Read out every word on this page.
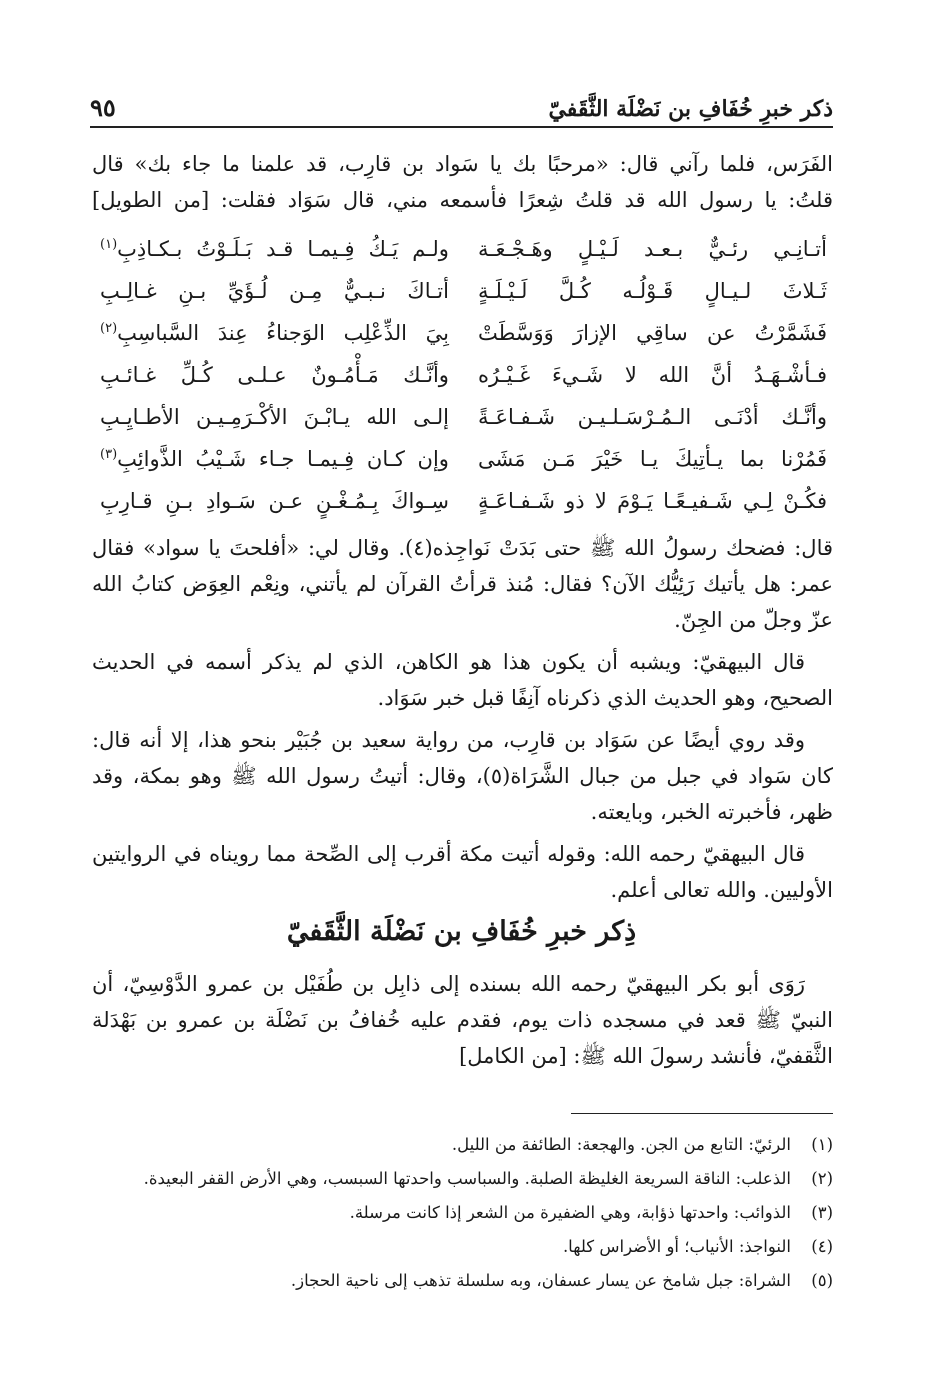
ذكر خبرِ خُفَافِ بن نَضْلَة الثَّقَفيّ
٩٥

الفَرَس، فلما رآني قال: «مرحبًا بك يا سَواد بن قارِب، قد علمنا ما جاء بك» قال

قلتُ: يا رسول الله قد قلتُ شِعرًا فأسمعه مني، قال سَوَاد فقلت: [من الطويل]

أتـانِـي رئـيٌّ بـعـد لَـيْـلٍ وهَـجْـعَـة
ولـم يَـكُ فِـيمـا قـد بَـلَـوْتُ بـكـاذِبِ$^{(١)}$
ثَـلاثَ لـيـالٍ قَـوْلُـه كُـلَّ لَـيْـلَـةٍ
أتـاكَ نـبـيٌّ مِـن لُـؤَيِّ بـنِ غـالِـبِ
فَشَمَّرْتُ عن ساقِي الإزارَ وَوَسَّطَتْ
بِيَ الذِّعْلِب الوَجناءُ عِندَ السَّباسِبِ$^{(٢)}$
فـأشْـهَـدُ أنَّ الله لا شَـيءَ غَـيْـرُه
وأنَّـك مَـأْمُـونٌ عـلـى كُـلِّ غـائـبِ
وأنَّـك أدْنَـى الـمُـرْسَـلـيـن شَـفـاعَـةً
إلـى الله يـابْـنَ الأكْـرَمِـيـن الأطـايِـبِ
فَمُرْنا بما يـأتِيكَ يـا خَيْرَ مَـن مَشَى
وإن كـان فِـيمـا جـاء شَـيْبُ الذَّوائِبِ$^{(٣)}$
فكُـنْ لِـي شَـفيـعًـا يَـوْمَ لا ذو شَـفـاعَـةٍ
سِـواكَ بِـمُـغْـنٍ عـن سَـوادِ بـنِ قـارِبِ

قال: فضحك رسولُ الله ﷺ حتى بَدَتْ نَواجِذه(٤). وقال لي: «أفلحتَ يا سواد» فقال عمر: هل يأتيك رَئِيُّك الآن؟ فقال: مُنذ قرأتُ القرآن لم يأتني، ونِعْم العِوَض كتابُ الله عزّ وجلّ من الجِنّ.

قال البيهقيّ: ويشبه أن يكون هذا هو الكاهن، الذي لم يذكر أسمه في الحديث الصحيح، وهو الحديث الذي ذكرناه آنِفًا قبل خبر سَوَاد.

وقد روي أيضًا عن سَوَاد بن قارِب، من رواية سعيد بن جُبَيْر بنحو هذا، إلا أنه قال: كان سَواد في جبل من جبال الشَّرَاة(٥)، وقال: أتيتُ رسول الله ﷺ وهو بمكة، وقد ظهر، فأخبرته الخبر، وبايعته.

قال البيهقيّ رحمه الله: وقوله أتيت مكة أقرب إلى الصِّحة مما رويناه في الروايتين الأوليين. والله تعالى أعلم.

ذِكر خبرِ خُفَافِ بن نَضْلَة الثَّقَفيّ

رَوَى أبو بكر البيهقيّ رحمه الله بسنده إلى ذابِل بن طُفَيْل بن عمرو الدَّوْسِيّ، أن النبيّ ﷺ قعد في مسجده ذات يوم، فقدم عليه خُفافُ بن نَضْلَة بن عمرو بن بَهْدَلة الثَّقفيّ، فأنشد رسولَ الله ﷺ: [من الكامل]

(١)
الرئيّ: التابع من الجن. والهجعة: الطائفة من الليل.
(٢)
الذعلب: الناقة السريعة الغليظة الصلبة. والسباسب واحدتها السبسب، وهي الأرض القفر البعيدة.
(٣)
الذوائب: واحدتها ذؤابة، وهي الضفيرة من الشعر إذا كانت مرسلة.
(٤)
النواجذ: الأنياب؛ أو الأضراس كلها.
(٥)
الشراة: جبل شامخ عن يسار عسفان، وبه سلسلة تذهب إلى ناحية الحجاز.
